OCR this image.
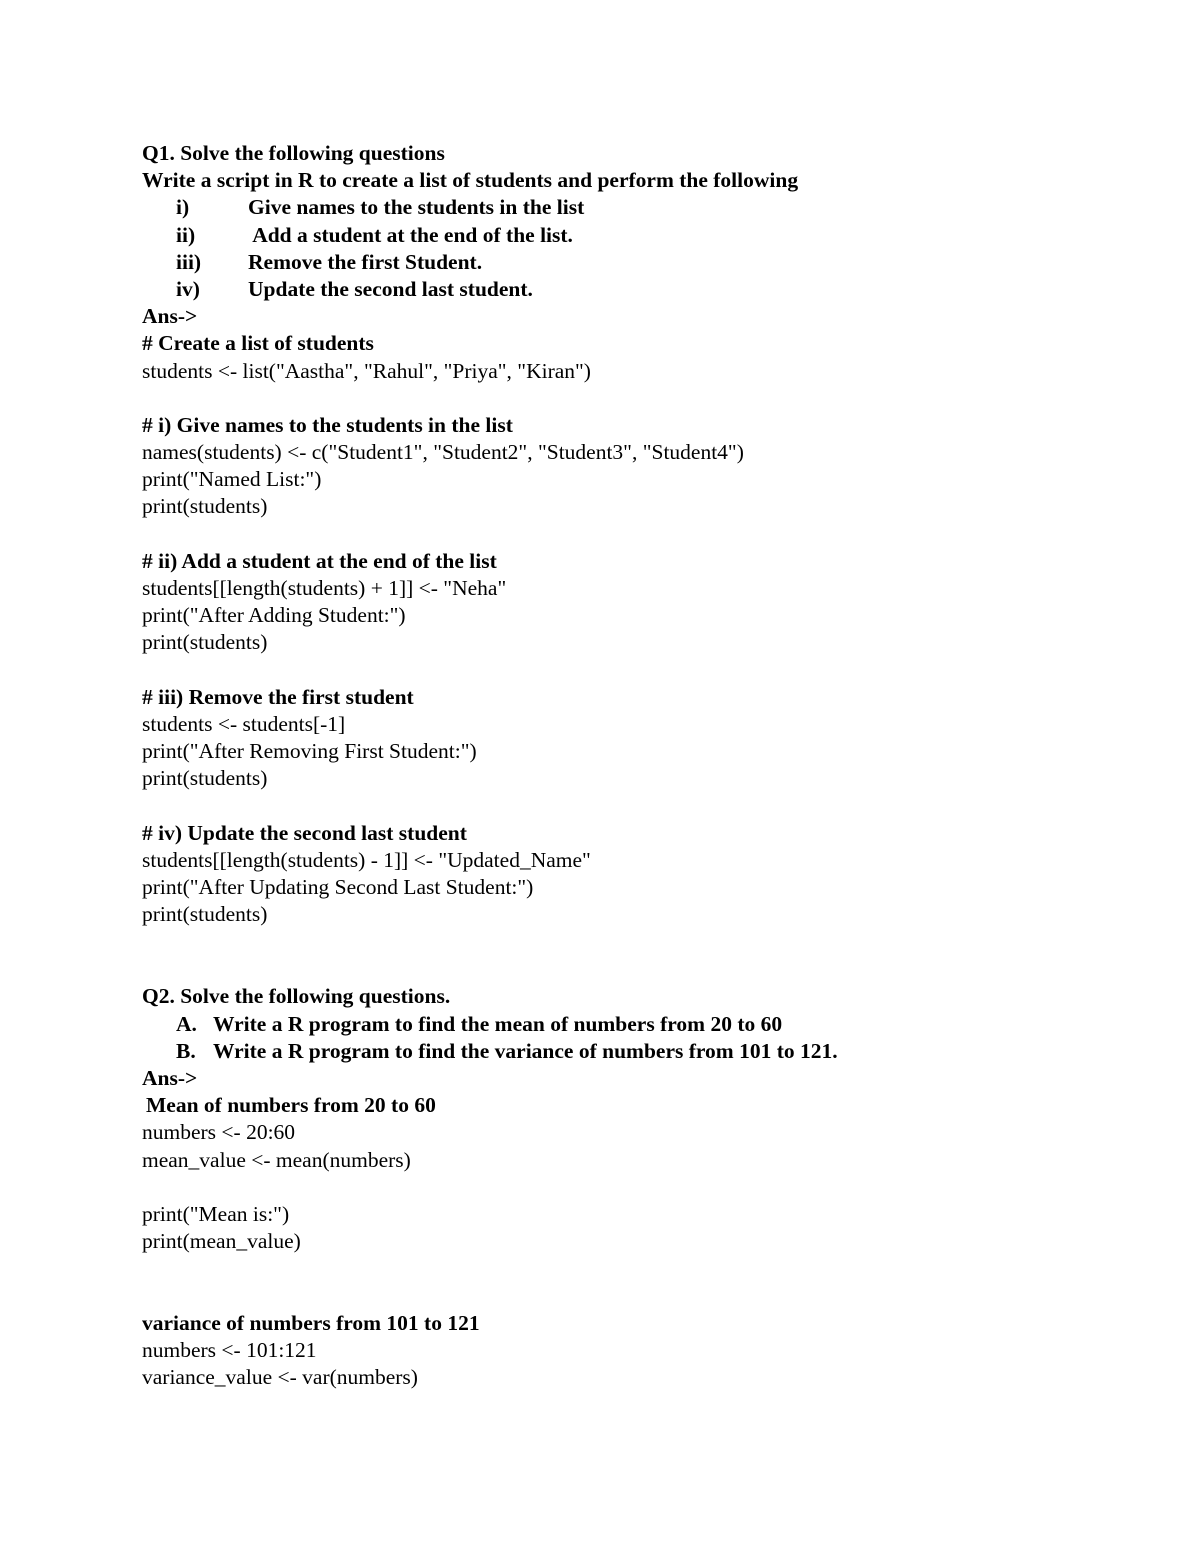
Q1. Solve the following questions
Write a script in R to create a list of students and perform the following
i)	Give names to the students in the list
ii)	Add a student at the end of the list.
iii)	Remove the first Student.
iv)	Update the second last student.
Ans->
# Create a list of students
students <- list("Aastha", "Rahul", "Priya", "Kiran")
# i) Give names to the students in the list
names(students) <- c("Student1", "Student2", "Student3", "Student4")
print("Named List:")
print(students)
# ii) Add a student at the end of the list
students[[length(students) + 1]] <- "Neha"
print("After Adding Student:")
print(students)
# iii) Remove the first student
students <- students[-1]
print("After Removing First Student:")
print(students)
# iv) Update the second last student
students[[length(students) - 1]] <- "Updated_Name"
print("After Updating Second Last Student:")
print(students)
Q2. Solve the following questions.
A. Write a R program to find the mean of numbers from 20 to 60
B. Write a R program to find the variance of numbers from 101 to 121.
Ans->
Mean of numbers from 20 to 60
numbers <- 20:60
mean_value <- mean(numbers)
print("Mean is:")
print(mean_value)
variance of numbers from 101 to 121
numbers <- 101:121
variance_value <- var(numbers)
